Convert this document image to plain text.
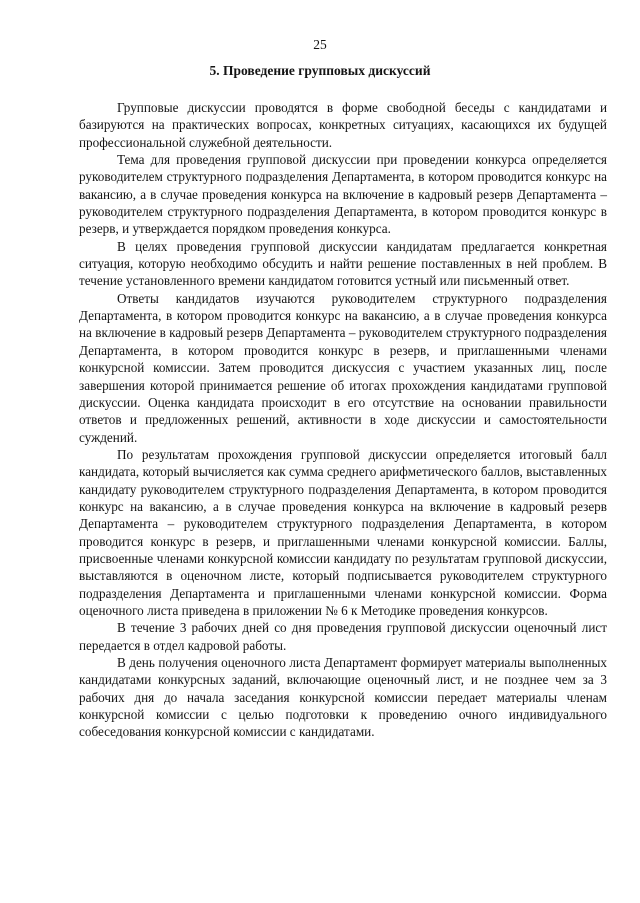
25
5. Проведение групповых дискуссий

Групповые дискуссии проводятся в форме свободной беседы с кандидатами и базируются на практических вопросах, конкретных ситуациях, касающихся их будущей профессиональной служебной деятельности.

Тема для проведения групповой дискуссии при проведении конкурса определяется руководителем структурного подразделения Департамента, в котором проводится конкурс на вакансию, а в случае проведения конкурса на включение в кадровый резерв Департамента – руководителем структурного подразделения Департамента, в котором проводится конкурс в резерв, и утверждается порядком проведения конкурса.

В целях проведения групповой дискуссии кандидатам предлагается конкретная ситуация, которую необходимо обсудить и найти решение поставленных в ней проблем. В течение установленного времени кандидатом готовится устный или письменный ответ.

Ответы кандидатов изучаются руководителем структурного подразделения Департамента, в котором проводится конкурс на вакансию, а в случае проведения конкурса на включение в кадровый резерв Департамента – руководителем структурного подразделения Департамента, в котором проводится конкурс в резерв, и приглашенными членами конкурсной комиссии. Затем проводится дискуссия с участием указанных лиц, после завершения которой принимается решение об итогах прохождения кандидатами групповой дискуссии. Оценка кандидата происходит в его отсутствие на основании правильности ответов и предложенных решений, активности в ходе дискуссии и самостоятельности суждений.

По результатам прохождения групповой дискуссии определяется итоговый балл кандидата, который вычисляется как сумма среднего арифметического баллов, выставленных кандидату руководителем структурного подразделения Департамента, в котором проводится конкурс на вакансию, а в случае проведения конкурса на включение в кадровый резерв Департамента – руководителем структурного подразделения Департамента, в котором проводится конкурс в резерв, и приглашенными членами конкурсной комиссии. Баллы, присвоенные членами конкурсной комиссии кандидату по результатам групповой дискуссии, выставляются в оценочном листе, который подписывается руководителем структурного подразделения Департамента и приглашенными членами конкурсной комиссии. Форма оценочного листа приведена в приложении № 6 к Методике проведения конкурсов.

В течение 3 рабочих дней со дня проведения групповой дискуссии оценочный лист передается в отдел кадровой работы.

В день получения оценочного листа Департамент формирует материалы выполненных кандидатами конкурсных заданий, включающие оценочный лист, и не позднее чем за 3 рабочих дня до начала заседания конкурсной комиссии передает материалы членам конкурсной комиссии с целью подготовки к проведению очного индивидуального собеседования конкурсной комиссии с кандидатами.
